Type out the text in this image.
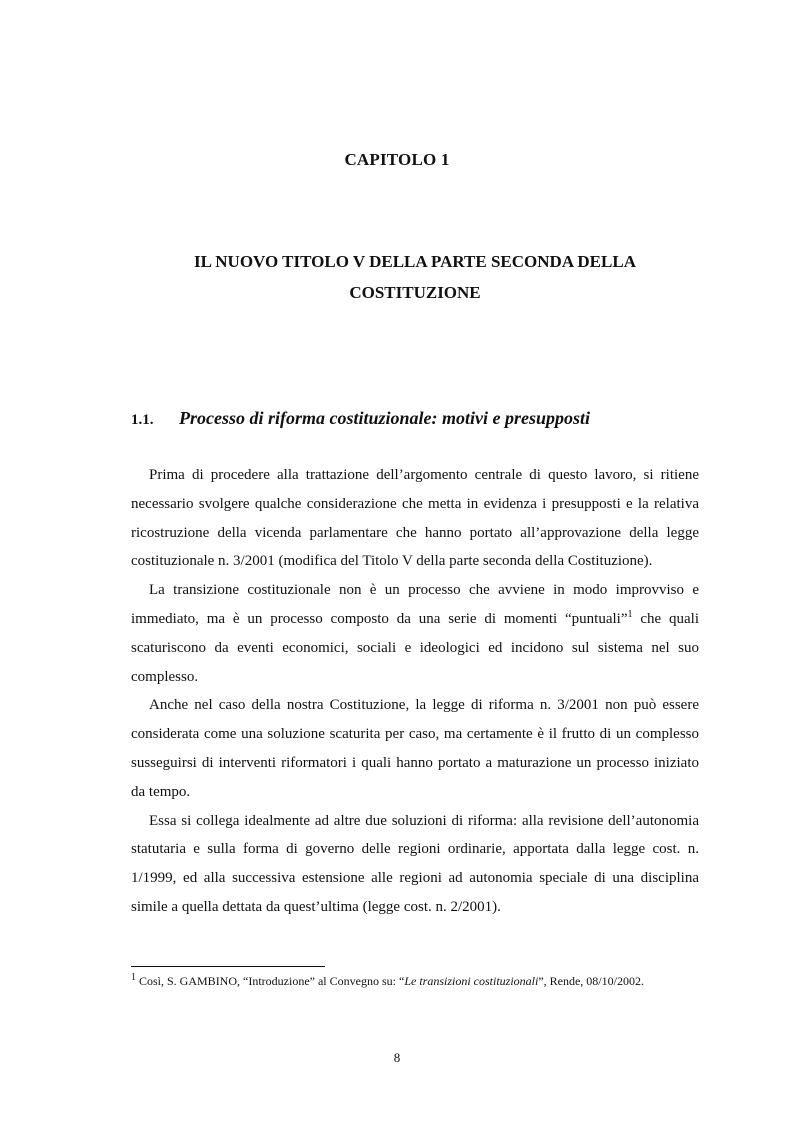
CAPITOLO 1
IL NUOVO TITOLO V DELLA PARTE SECONDA DELLA
COSTITUZIONE
1.1. Processo di riforma costituzionale: motivi e presupposti

Prima di procedere alla trattazione dell’argomento centrale di questo lavoro, si ritiene necessario svolgere qualche considerazione che metta in evidenza i presupposti e la relativa ricostruzione della vicenda parlamentare che hanno portato all’approvazione della legge costituzionale n. 3/2001 (modifica del Titolo V della parte seconda della Costituzione).

La transizione costituzionale non è un processo che avviene in modo improvviso e immediato, ma è un processo composto da una serie di momenti “puntuali”$^1$ che quali scaturiscono da eventi economici, sociali e ideologici ed incidono sul sistema nel suo complesso.

Anche nel caso della nostra Costituzione, la legge di riforma n. 3/2001 non può essere considerata come una soluzione scaturita per caso, ma certamente è il frutto di un complesso susseguirsi di interventi riformatori i quali hanno portato a maturazione un processo iniziato da tempo.

Essa si collega idealmente ad altre due soluzioni di riforma: alla revisione dell’autonomia statutaria e sulla forma di governo delle regioni ordinarie, apportata dalla legge cost. n. 1/1999, ed alla successiva estensione alle regioni ad autonomia speciale di una disciplina simile a quella dettata da quest’ultima (legge cost. n. 2/2001).

$^1$ Così, S. GAMBINO, “Introduzione” al Convegno su: “Le transizioni costituzionali”, Rende, 08/10/2002.
8
